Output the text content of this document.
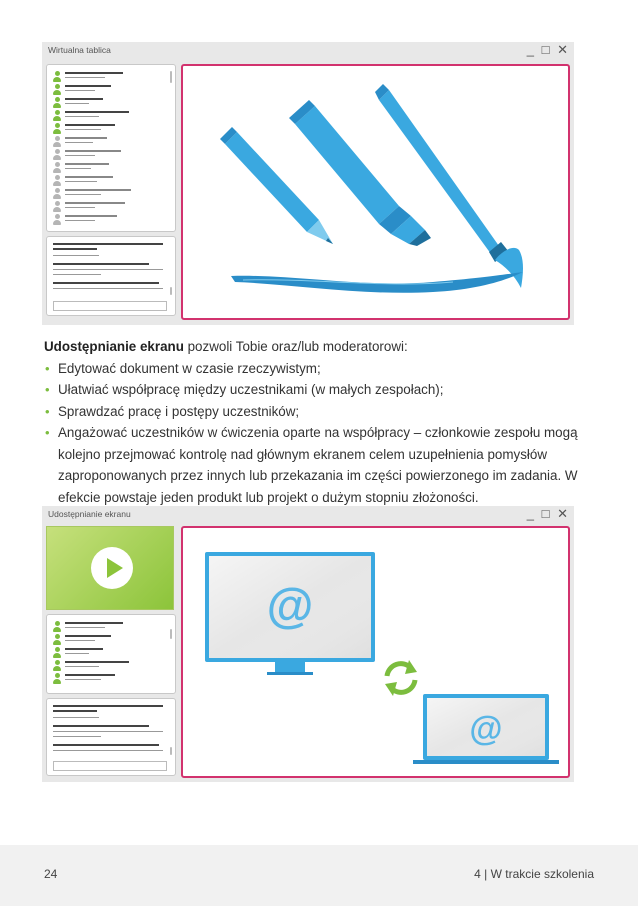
Wirtualna tablica	_ □ ✕

Udostępnianie ekranu pozwoli Tobie oraz/lub moderatorowi:

• Edytować dokument w czasie rzeczywistym;
• Ułatwiać współpracę między uczestnikami (w małych zespołach);
• Sprawdzać pracę i postępy uczestników;
• Angażować uczestników w ćwiczenia oparte na współpracy – członkowie zespołu mogą kolejno przejmować kontrolę nad głównym ekranem celem uzupełnienia pomysłów zaproponowanych przez innych lub przekazania im części powierzonego im zadania. W efekcie powstaje jeden produkt lub projekt o dużym stopniu złożoności.
Udostępnianie ekranu	_ □ ✕
@
@
24	4 | W trakcie szkolenia
